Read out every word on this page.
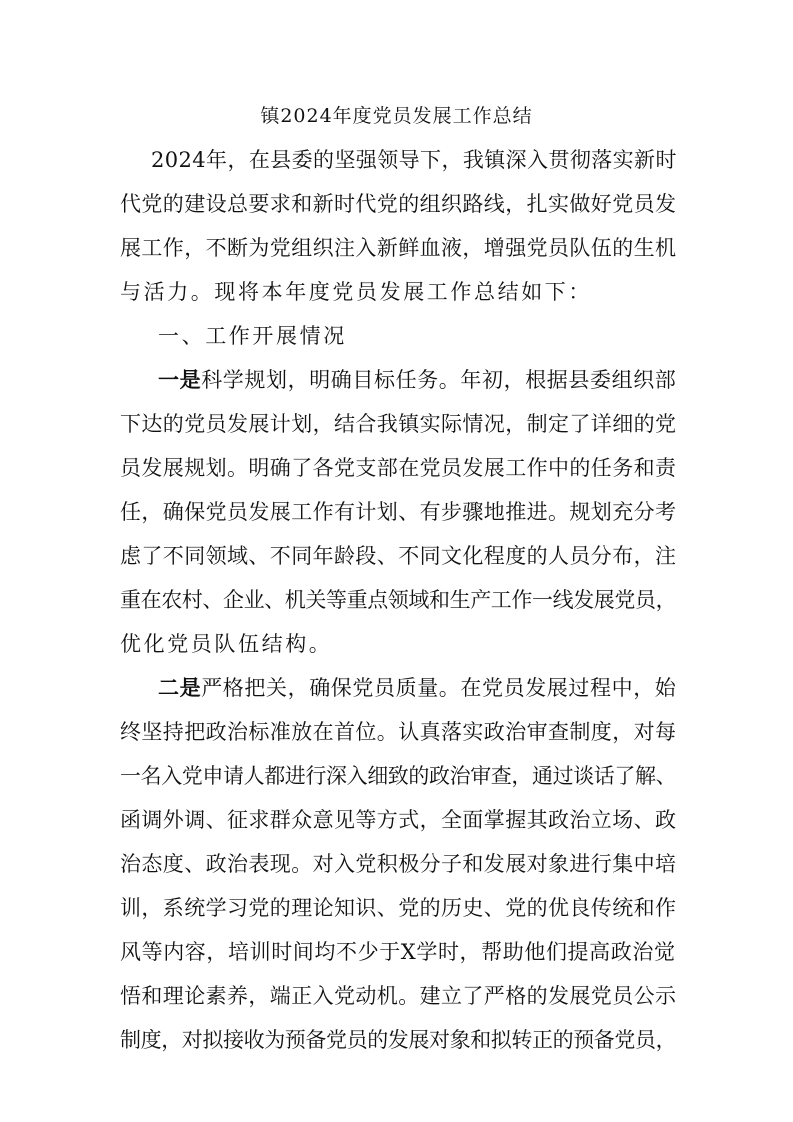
镇2024年度党员发展工作总结
2024年，在县委的坚强领导下，我镇深入贯彻落实新时
代党的建设总要求和新时代党的组织路线，扎实做好党员发
展工作，不断为党组织注入新鲜血液，增强党员队伍的生机
与活力。现将本年度党员发展工作总结如下：
一、工作开展情况
一是科学规划，明确目标任务。年初，根据县委组织部
下达的党员发展计划，结合我镇实际情况，制定了详细的党
员发展规划。明确了各党支部在党员发展工作中的任务和责
任，确保党员发展工作有计划、有步骤地推进。规划充分考
虑了不同领域、不同年龄段、不同文化程度的人员分布，注
重在农村、企业、机关等重点领域和生产工作一线发展党员，
优化党员队伍结构。
二是严格把关，确保党员质量。在党员发展过程中，始
终坚持把政治标准放在首位。认真落实政治审查制度，对每
一名入党申请人都进行深入细致的政治审查，通过谈话了解、
函调外调、征求群众意见等方式，全面掌握其政治立场、政
治态度、政治表现。对入党积极分子和发展对象进行集中培
训，系统学习党的理论知识、党的历史、党的优良传统和作
风等内容，培训时间均不少于X学时，帮助他们提高政治觉
悟和理论素养，端正入党动机。建立了严格的发展党员公示
制度，对拟接收为预备党员的发展对象和拟转正的预备党员，
